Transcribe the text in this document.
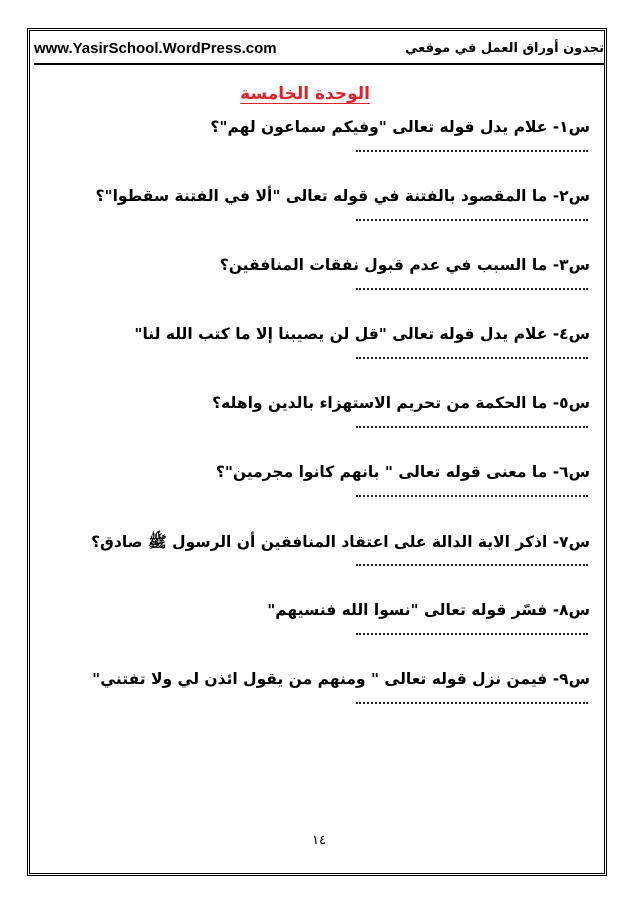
www.YasirSchool.WordPress.com	تجدون أوراق العمل في موقعي
الوحدة الخامسة
س١- علام يدل قوله تعالى "وفيكم سماعون لهم"؟
س٢- ما المقصود بالفتنة في قوله تعالى "ألا في الفتنة سقطوا"؟
س٣- ما السبب في عدم قبول نفقات المنافقين؟
س٤- علام يدل قوله تعالى "قل لن يصيبنا إلا ما كتب الله لنا"
س٥- ما الحكمة من تحريم الاستهزاء بالدين واهله؟
س٦- ما معنى قوله تعالى " بانهم كانوا مجرمين"؟
س٧- اذكر الاية الدالة على اعتقاد المنافقين أن الرسول ﷺ صادق؟
س٨- فسّر قوله تعالى "نسوا الله فنسيهم"
س٩- فيمن نزل قوله تعالى " ومنهم من يقول ائذن لي ولا تفتني"
١٤
